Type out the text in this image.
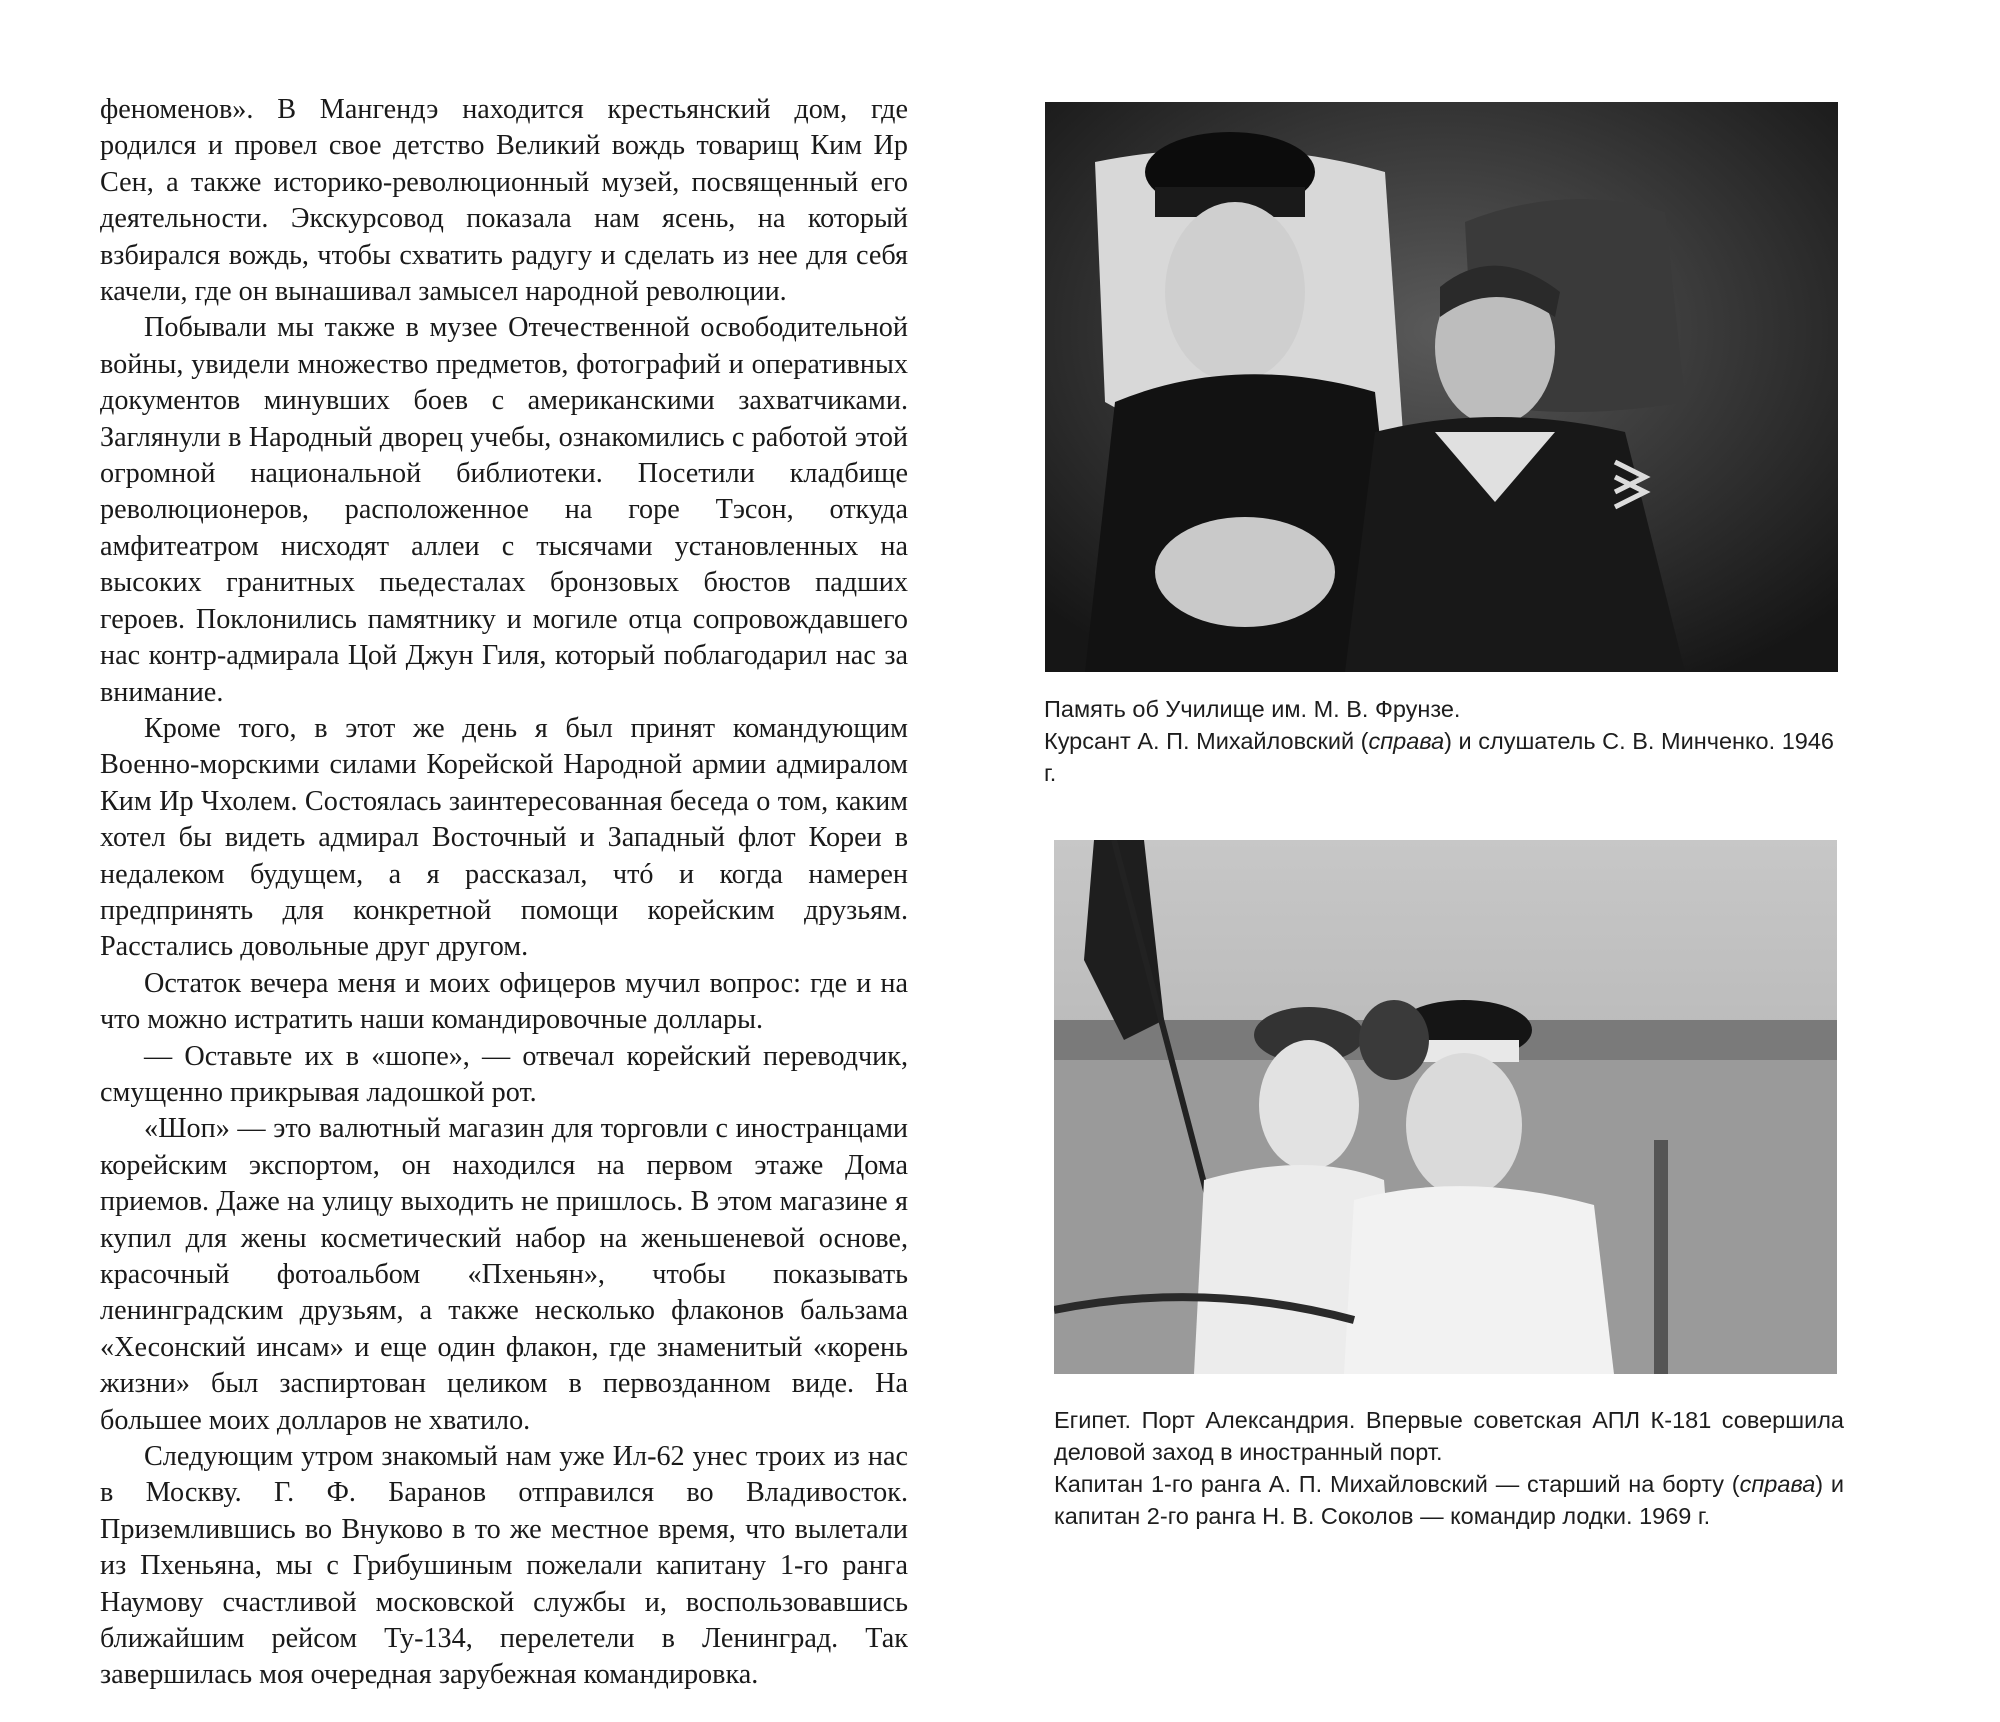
феноменов». В Мангендэ находится крестьянский дом, где родился и провел свое детство Великий вождь товарищ Ким Ир Сен, а также историко-революционный музей, посвященный его деятельности. Экскурсовод показала нам ясень, на который взбирался вождь, чтобы схватить радугу и сделать из нее для себя качели, где он вынашивал замысел народной революции.

Побывали мы также в музее Отечественной освободительной войны, увидели множество предметов, фотографий и оперативных документов минувших боев с американскими захватчиками. Заглянули в Народный дворец учебы, ознакомились с работой этой огромной национальной библиотеки. Посетили кладбище революционеров, расположенное на горе Тэсон, откуда амфитеатром нисходят аллеи с тысячами установленных на высоких гранитных пьедесталах бронзовых бюстов падших героев. Поклонились памятнику и могиле отца сопровождавшего нас контр-адмирала Цой Джун Гиля, который поблагодарил нас за внимание.

Кроме того, в этот же день я был принят командующим Военно-морскими силами Корейской Народной армии адмиралом Ким Ир Чхолем. Состоялась заинтересованная беседа о том, каким хотел бы видеть адмирал Восточный и Западный флот Кореи в недалеком будущем, а я рассказал, чтó и когда намерен предпринять для конкретной помощи корейским друзьям. Расстались довольные друг другом.

Остаток вечера меня и моих офицеров мучил вопрос: где и на что можно истратить наши командировочные доллары.

— Оставьте их в «шопе», — отвечал корейский переводчик, смущенно прикрывая ладошкой рот.

«Шоп» — это валютный магазин для торговли с иностранцами корейским экспортом, он находился на первом этаже Дома приемов. Даже на улицу выходить не пришлось. В этом магазине я купил для жены косметический набор на женьшеневой основе, красочный фотоальбом «Пхеньян», чтобы показывать ленинградским друзьям, а также несколько флаконов бальзама «Хесонский инсам» и еще один флакон, где знаменитый «корень жизни» был заспиртован целиком в первозданном виде. На большее моих долларов не хватило.

Следующим утром знакомый нам уже Ил-62 унес троих из нас в Москву. Г. Ф. Баранов отправился во Владивосток. Приземлившись во Внуково в то же местное время, что вылетали из Пхеньяна, мы с Грибушиным пожелали капитану 1-го ранга Наумову счастливой московской службы и, воспользовавшись ближайшим рейсом Ту-134, перелетели в Ленинград. Так завершилась моя очередная зарубежная командировка.

Память об Училище им. М. В. Фрунзе.

Курсант А. П. Михайловский (справа) и слушатель С. В. Минченко. 1946 г.

Египет. Порт Александрия. Впервые советская АПЛ К-181 совершила деловой заход в иностранный порт.

Капитан 1-го ранга А. П. Михайловский — старший на борту (справа) и капитан 2-го ранга Н. В. Соколов — командир лодки. 1969 г.
